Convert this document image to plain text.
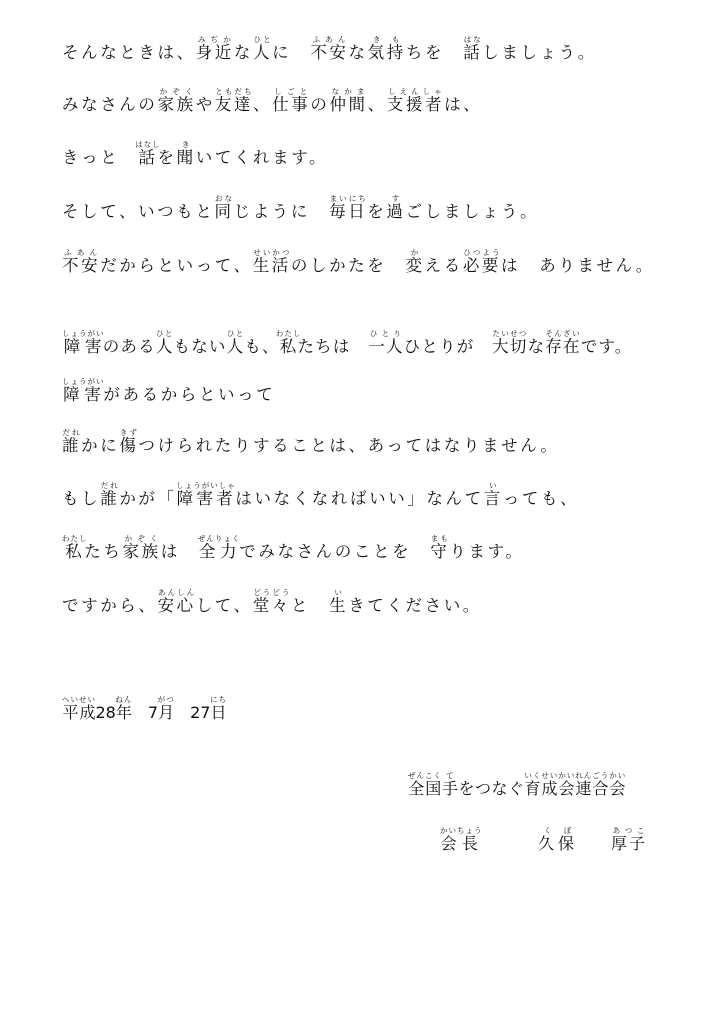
そんなときは、身近みぢかな人ひとに　不安ふあんな気き持もちを　話はなしましょう。
みなさんの家族かぞくや友達ともだち、仕事しごとの仲間なかま、支援者しえんしゃは、
きっと　話はなしを聞きいてくれます。
そして、いつもと同おなじように　毎日まいにちを過すごしましょう。
不安ふあんだからといって、生活せいかつのしかたを　変かえる必要ひつようは　ありません。
障害しょうがいのある人ひともない人ひとも、私わたしたちは　一人ひとりひとりが　大切たいせつな存在そんざいです。
障害しょうがいがあるからといって
誰だれかに傷きずつけられたりすることは、あってはなりません。
もし誰だれかが「障害者しょうがいしゃはいなくなればいい」なんて言いっても、
私わたしたち家族かぞくは　全力ぜんりょくでみなさんのことを　守まもります。
ですから、安心あんしんして、堂々どうどうと　生いきてください。
平成へいせい28年ねん　7月がつ　27日にち
全国ぜんこく手てをつなぐ育成会連合会いくせいかいれんごうかい
会長かいちょう
久保くぼ
厚子あつこ
